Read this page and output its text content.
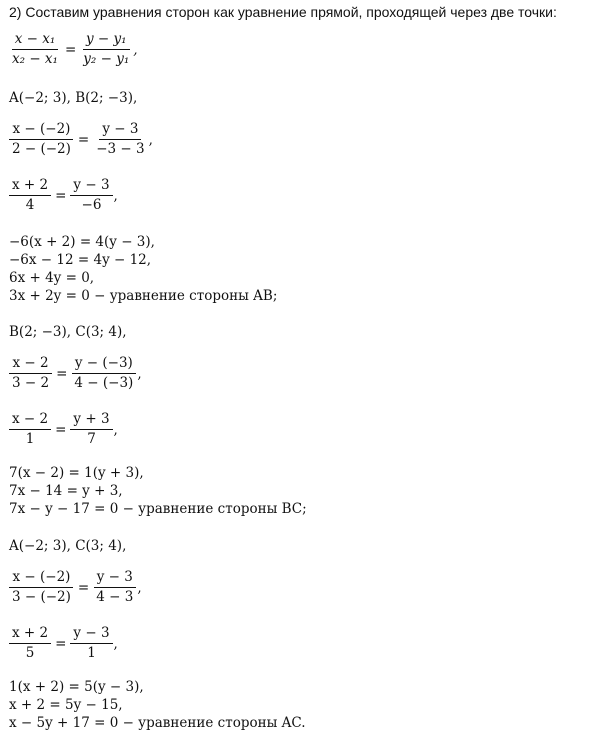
2) Составим уравнения сторон как уравнение прямой, проходящей через две точки:
$\frac{\text{x − x₁}}{\text{x₂ − x₁}} = \frac{\text{y − y₁}}{\text{y₂ − y₁}}$ ,
A(−2; 3), B(2; −3),
$\frac{x - (-2)}{2 - (-2)} = \frac{y - 3}{-3 - 3}$ ,
$\frac{x + 2}{4} = \frac{y - 3}{-6}$ ,
−6(x + 2) = 4(y − 3),
−6x − 12 = 4y − 12,
6x + 4y = 0,
3x + 2y = 0 − уравнение стороны AB;
B(2; −3), C(3; 4),
$\frac{x - 2}{3 - 2} = \frac{y - (-3)}{4 - (-3)}$ ,
$\frac{x - 2}{1} = \frac{y + 3}{7}$ ,
7(x − 2) = 1(y + 3),
7x − 14 = y + 3,
7x − y − 17 = 0 − уравнение стороны BC;
A(−2; 3), C(3; 4),
$\frac{x - (-2)}{3 - (-2)} = \frac{y - 3}{4 - 3}$ ,
$\frac{x + 2}{5} = \frac{y - 3}{1}$ ,
1(x + 2) = 5(y − 3),
x + 2 = 5y − 15,
x − 5y + 17 = 0 − уравнение стороны AC.
